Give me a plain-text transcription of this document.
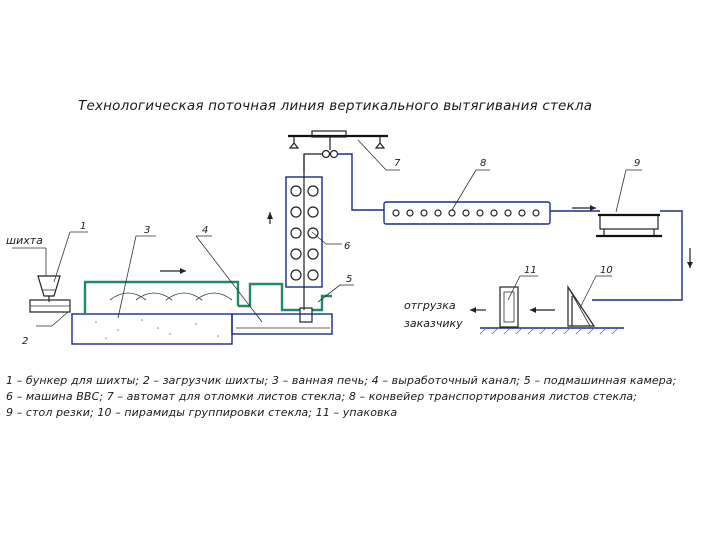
Технологическая поточная линия вертикального вытягивания стекла
1
2
3	4
5
6
7	8	9
10
11
шихта
отгрузка
заказчику
1 – бункер для шихты; 2 – загрузчик шихты; 3 – ванная печь; 4 – выработочный канал; 5 – подмашинная камера;
6 – машина ВВС; 7 – автомат для отломки листов стекла; 8 – конвейер транспортирования листов стекла;
9 – стол резки; 10 – пирамиды группировки стекла; 11 – упаковка
